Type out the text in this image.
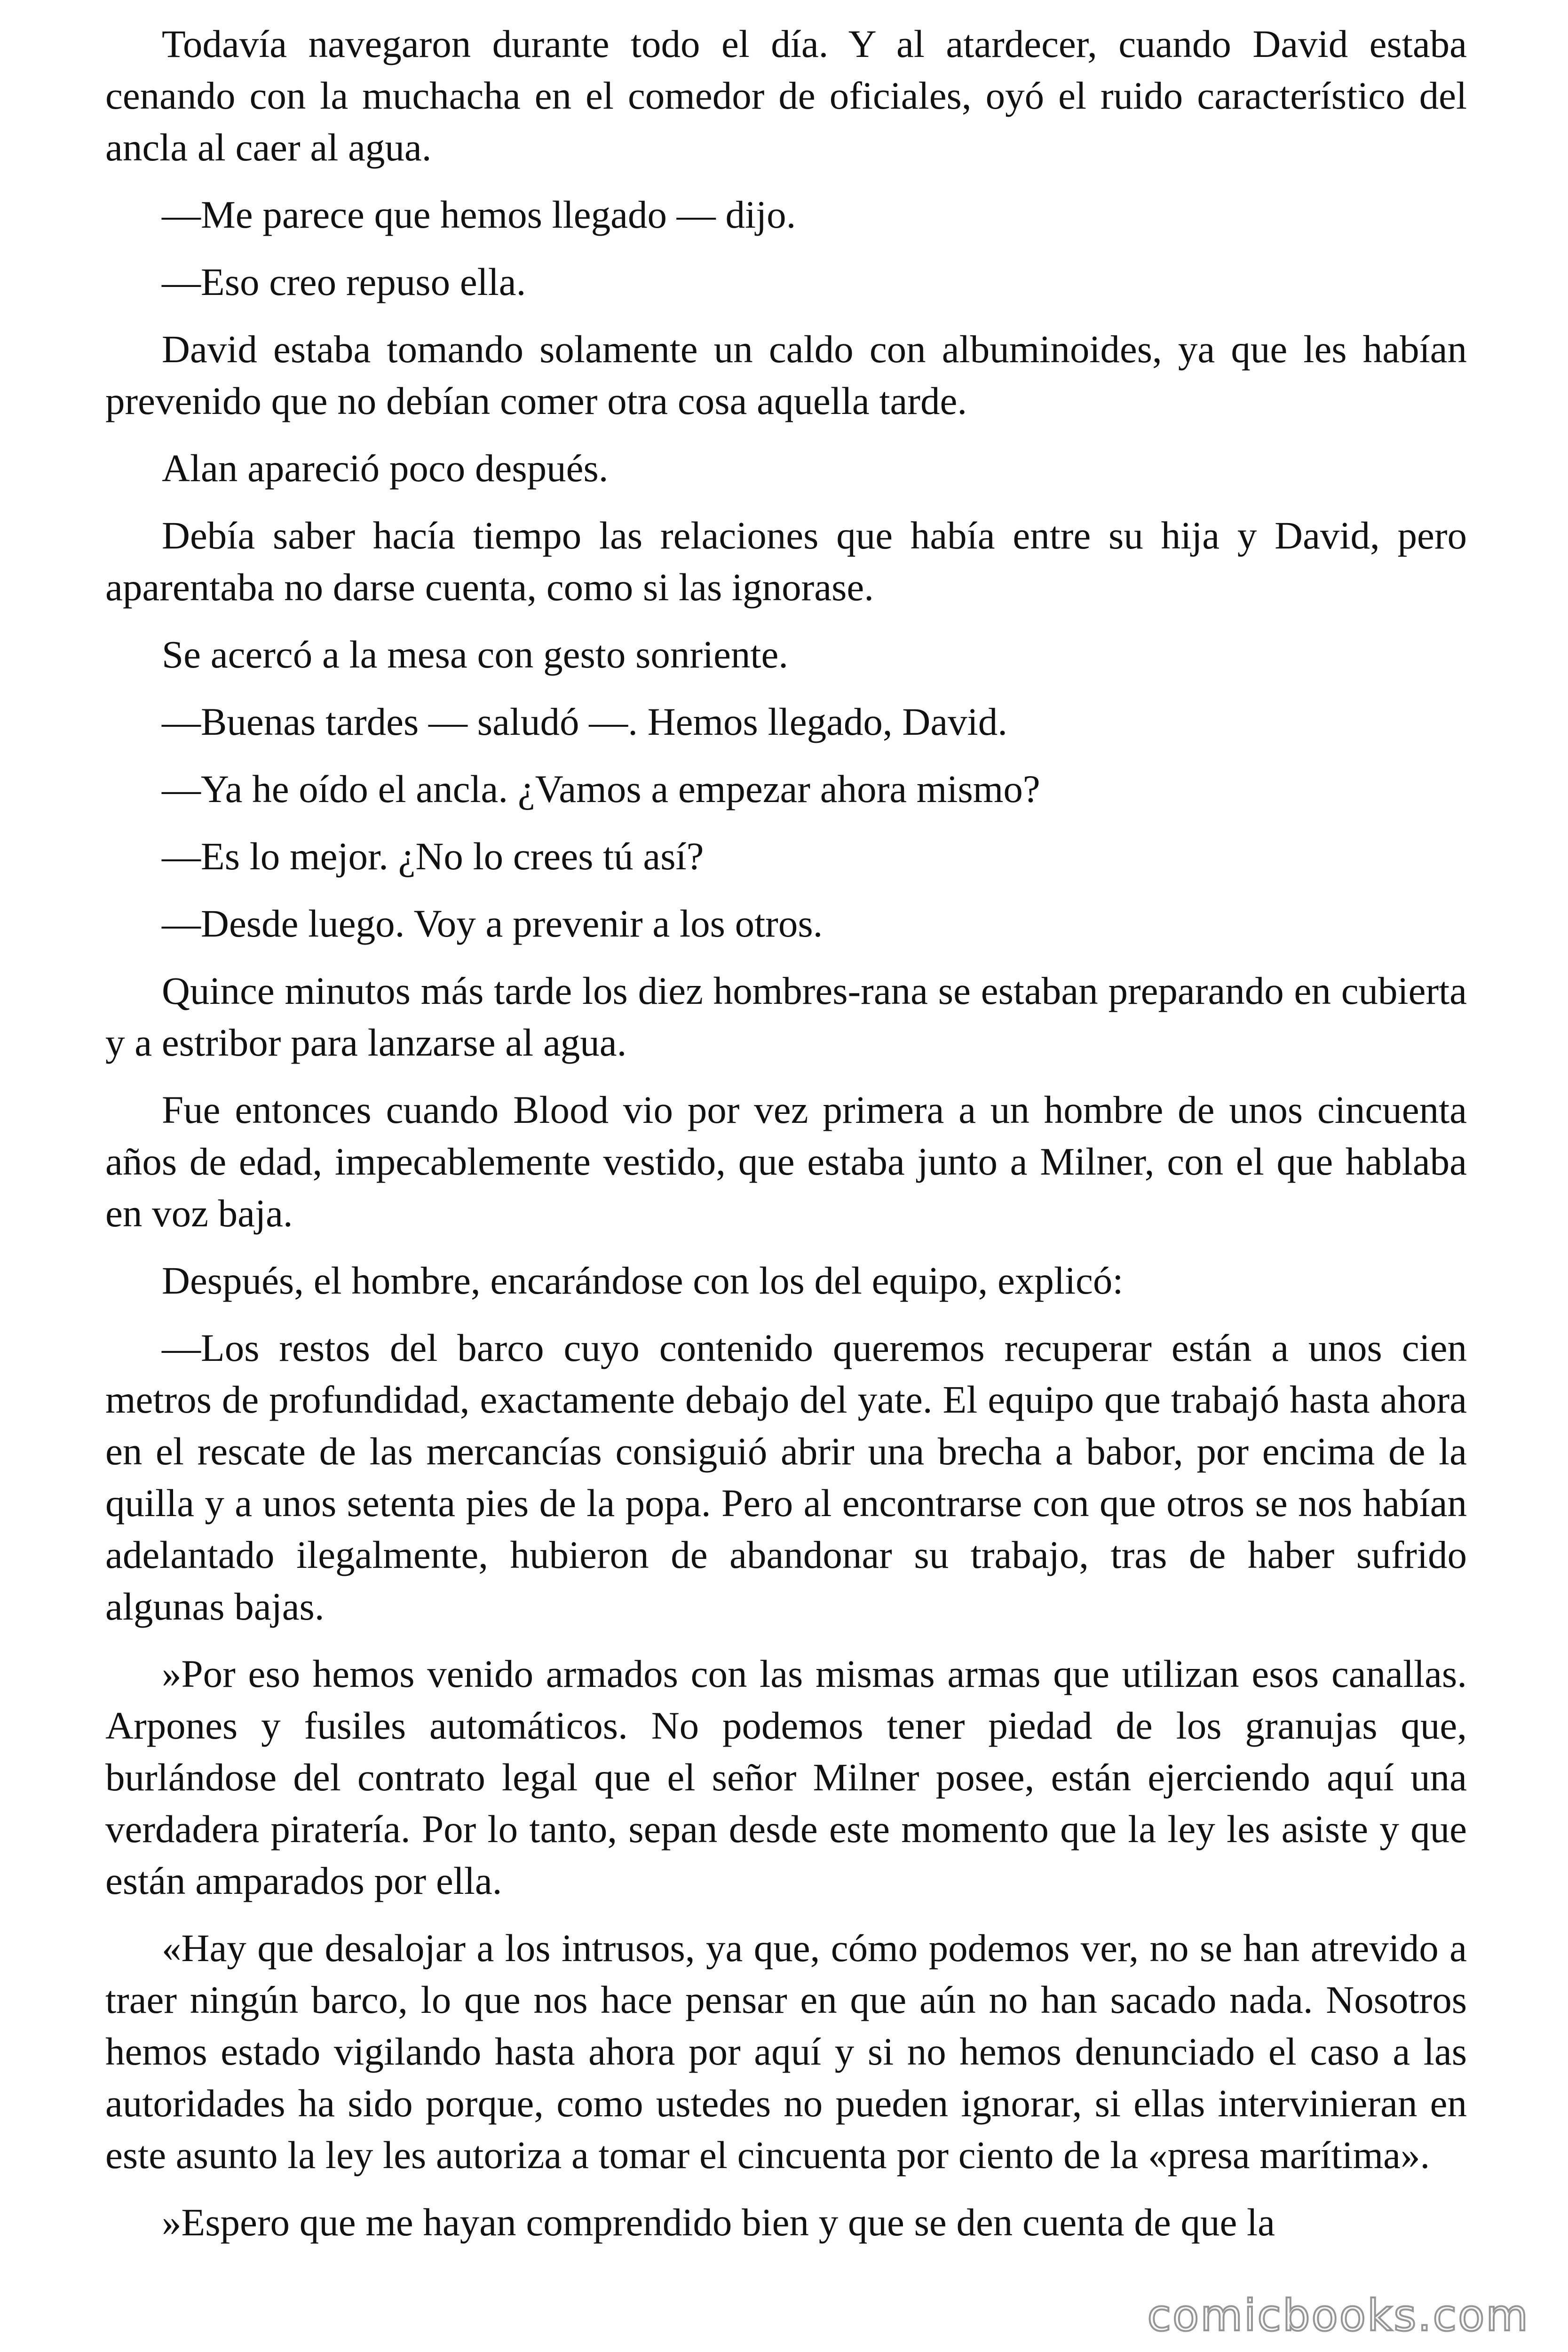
Todavía navegaron durante todo el día. Y al atardecer, cuando David estaba cenando con la muchacha en el comedor de oficiales, oyó el ruido característico del ancla al caer al agua.

—Me parece que hemos llegado — dijo.

—Eso creo repuso ella.

David estaba tomando solamente un caldo con albuminoides, ya que les habían prevenido que no debían comer otra cosa aquella tarde.

Alan apareció poco después.

Debía saber hacía tiempo las relaciones que había entre su hija y David, pero aparentaba no darse cuenta, como si las ignorase.

Se acercó a la mesa con gesto sonriente.

—Buenas tardes — saludó —. Hemos llegado, David.

—Ya he oído el ancla. ¿Vamos a empezar ahora mismo?

—Es lo mejor. ¿No lo crees tú así?

—Desde luego. Voy a prevenir a los otros.

Quince minutos más tarde los diez hombres-rana se estaban preparando en cubierta y a estribor para lanzarse al agua.

Fue entonces cuando Blood vio por vez primera a un hombre de unos cincuenta años de edad, impecablemente vestido, que estaba junto a Milner, con el que hablaba en voz baja.

Después, el hombre, encarándose con los del equipo, explicó:

—Los restos del barco cuyo contenido queremos recuperar están a unos cien metros de profundidad, exactamente debajo del yate. El equipo que trabajó hasta ahora en el rescate de las mercancías consiguió abrir una brecha a babor, por encima de la quilla y a unos setenta pies de la popa. Pero al encontrarse con que otros se nos habían adelantado ilegalmente, hubieron de abandonar su trabajo, tras de haber sufrido algunas bajas.

»Por eso hemos venido armados con las mismas armas que utilizan esos canallas. Arpones y fusiles automáticos. No podemos tener piedad de los granujas que, burlándose del contrato legal que el señor Milner posee, están ejerciendo aquí una verdadera piratería. Por lo tanto, sepan desde este momento que la ley les asiste y que están amparados por ella.

«Hay que desalojar a los intrusos, ya que, cómo podemos ver, no se han atrevido a traer ningún barco, lo que nos hace pensar en que aún no han sacado nada. Nosotros hemos estado vigilando hasta ahora por aquí y si no hemos denunciado el caso a las autoridades ha sido porque, como ustedes no pueden ignorar, si ellas intervinieran en este asunto la ley les autoriza a tomar el cincuenta por ciento de la «presa marítima».

»Espero que me hayan comprendido bien y que se den cuenta de que la

comicbooks.com
